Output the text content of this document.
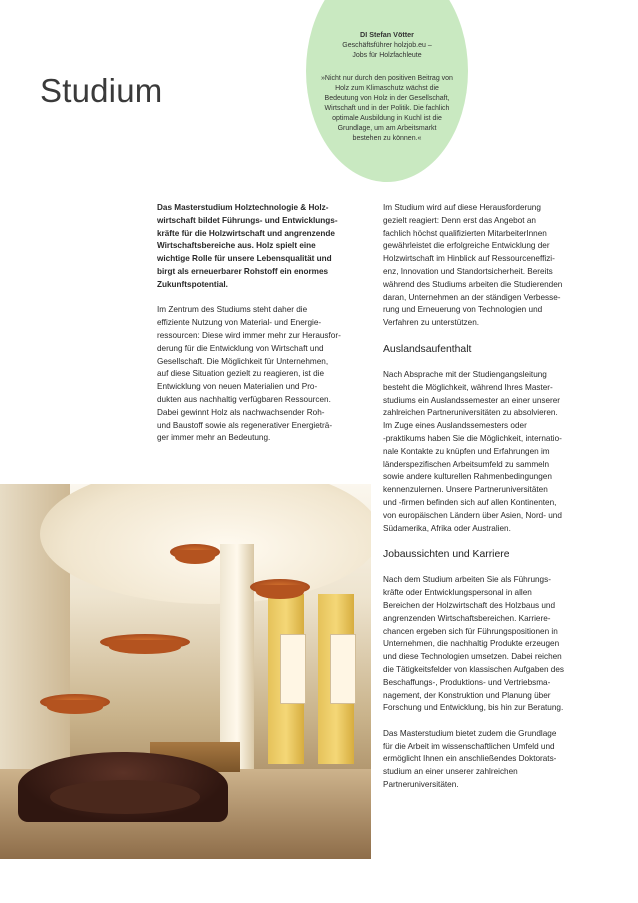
Studium
DI Stefan Vötter
Geschäftsführer holzjob.eu –
Jobs für Holzfachleute
»Nicht nur durch den positiven Beitrag von
Holz zum Klimaschutz wächst die
Bedeutung von Holz in der Gesellschaft,
Wirtschaft und in der Politik. Die fachlich
optimale Ausbildung in Kuchl ist die
Grundlage, um am Arbeitsmarkt
bestehen zu können.«

Das Masterstudium Holztechnologie & Holz-
wirtschaft bildet Führungs- und Entwicklungs-
kräfte für die Holzwirtschaft und angrenzende
Wirtschaftsbereiche aus. Holz spielt eine
wichtige Rolle für unsere Lebensqualität und
birgt als erneuerbarer Rohstoff ein enormes
Zukunftspotential.

Im Zentrum des Studiums steht daher die
effiziente Nutzung von Material- und Energie-
ressourcen: Diese wird immer mehr zur Herausfor-
derung für die Entwicklung von Wirtschaft und
Gesellschaft. Die Möglichkeit für Unternehmen,
auf diese Situation gezielt zu reagieren, ist die
Entwicklung von neuen Materialien und Pro-
dukten aus nachhaltig verfügbaren Ressourcen.
Dabei gewinnt Holz als nachwachsender Roh-
und Baustoff sowie als regenerativer Energieträ-
ger immer mehr an Bedeutung.

Im Studium wird auf diese Herausforderung
gezielt reagiert: Denn erst das Angebot an
fachlich höchst qualifizierten MitarbeiterInnen
gewährleistet die erfolgreiche Entwicklung der
Holzwirtschaft im Hinblick auf Ressourceneffizi-
enz, Innovation und Standortsicherheit. Bereits
während des Studiums arbeiten die Studierenden
daran, Unternehmen an der ständigen Verbesse-
rung und Erneuerung von Technologien und
Verfahren zu unterstützen.

Auslandsaufenthalt

Nach Absprache mit der Studiengangsleitung
besteht die Möglichkeit, während Ihres Master-
studiums ein Auslandssemester an einer unserer
zahlreichen Partneruniversitäten zu absolvieren.
Im Zuge eines Auslandssemesters oder
-praktikums haben Sie die Möglichkeit, internatio-
nale Kontakte zu knüpfen und Erfahrungen im
länderspezifischen Arbeitsumfeld zu sammeln
sowie andere kulturellen Rahmenbedingungen
kennenzulernen. Unsere Partneruniversitäten
und -firmen befinden sich auf allen Kontinenten,
von europäischen Ländern über Asien, Nord- und
Südamerika, Afrika oder Australien.

Jobaussichten und Karriere

Nach dem Studium arbeiten Sie als Führungs-
kräfte oder Entwicklungspersonal in allen
Bereichen der Holzwirtschaft des Holzbaus und
angrenzenden Wirtschaftsbereichen. Karriere-
chancen ergeben sich für Führungspositionen in
Unternehmen, die nachhaltig Produkte erzeugen
und diese Technologien umsetzen. Dabei reichen
die Tätigkeitsfelder von klassischen Aufgaben des
Beschaffungs-, Produktions- und Vertriebsma-
nagement, der Konstruktion und Planung über
Forschung und Entwicklung, bis hin zur Beratung.

Das Masterstudium bietet zudem die Grundlage
für die Arbeit im wissenschaftlichen Umfeld und
ermöglicht Ihnen ein anschließendes Doktorats-
studium an einer unserer zahlreichen
Partneruniversitäten.
